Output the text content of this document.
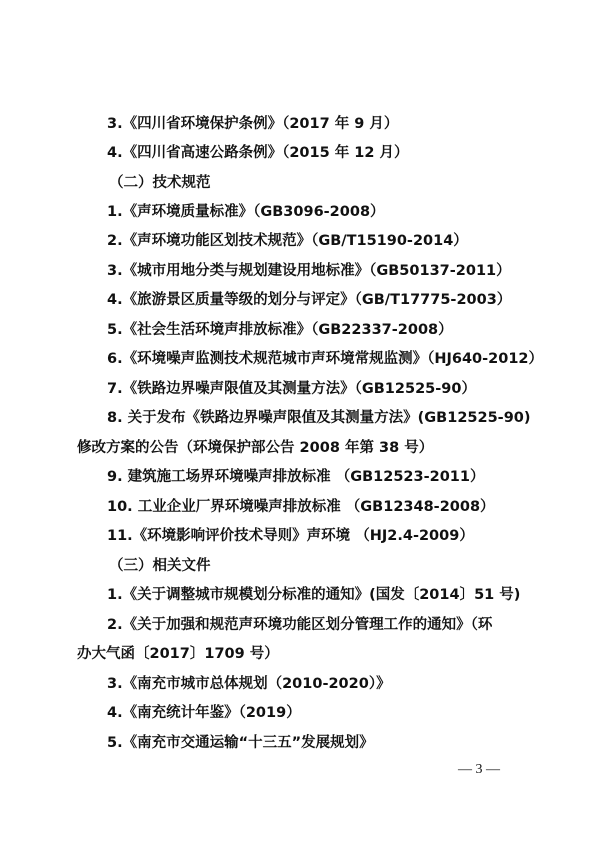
3.《四川省环境保护条例》（2017 年 9 月）
4.《四川省高速公路条例》（2015 年 12 月）
（二）技术规范
1.《声环境质量标准》（GB3096-2008）
2.《声环境功能区划技术规范》（GB/T15190-2014）
3.《城市用地分类与规划建设用地标准》（GB50137-2011）
4.《旅游景区质量等级的划分与评定》（GB/T17775-2003）
5.《社会生活环境声排放标准》（GB22337-2008）
6.《环境噪声监测技术规范城市声环境常规监测》（HJ640-2012）
7.《铁路边界噪声限值及其测量方法》（GB12525-90）
8. 关于发布《铁路边界噪声限值及其测量方法》(GB12525-90)
修改方案的公告（环境保护部公告 2008 年第 38 号）
9. 建筑施工场界环境噪声排放标准 （GB12523-2011）
10. 工业企业厂界环境噪声排放标准 （GB12348-2008）
11.《环境影响评价技术导则》声环境 （HJ2.4-2009）
（三）相关文件
1.《关于调整城市规模划分标准的通知》(国发〔2014〕51 号)
2.《关于加强和规范声环境功能区划分管理工作的通知》（环
办大气函〔2017〕1709 号）
3.《南充市城市总体规划（2010-2020）》
4.《南充统计年鉴》（2019）
5.《南充市交通运输“十三五”发展规划》
— 3 —
